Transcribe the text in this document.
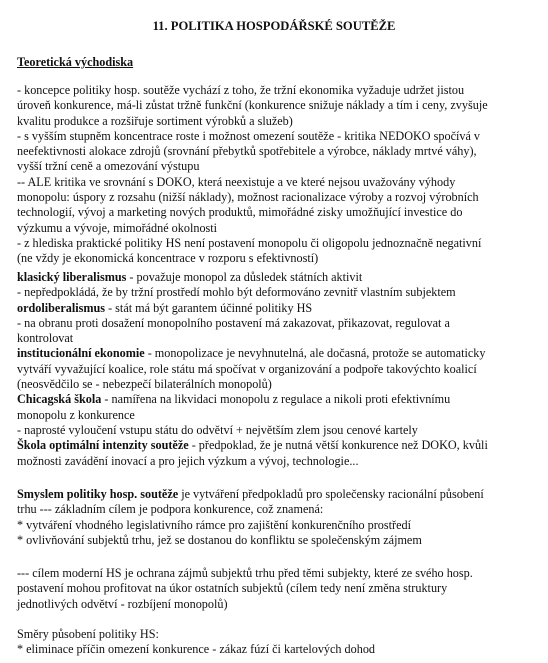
11. POLITIKA HOSPODÁŘSKÉ SOUTĚŽE
Teoretická východiska

- koncepce politiky hosp. soutěže vychází z toho, že tržní ekonomika vyžaduje udržet jistou

úroveň konkurence, má-li zůstat tržně funkční (konkurence snižuje náklady a tím i ceny, zvyšuje

kvalitu produkce a rozšiřuje sortiment výrobků a služeb)

- s vyšším stupněm koncentrace roste i možnost omezení soutěže - kritika NEDOKO spočívá v

neefektivnosti alokace zdrojů (srovnání přebytků spotřebitele a výrobce, náklady mrtvé váhy),

vyšší tržní ceně a omezování výstupu

-- ALE kritika ve srovnání s DOKO, která neexistuje a ve které nejsou uvažovány výhody

monopolu: úspory z rozsahu (nižší náklady), možnost racionalizace výroby a rozvoj výrobních

technologií, vývoj a marketing nových produktů, mimořádné zisky umožňující investice do

výzkumu a vývoje, mimořádné okolnosti

- z hlediska praktické politiky HS není postavení monopolu či oligopolu jednoznačně negativní

(ne vždy je ekonomická koncentrace v rozporu s efektivností)

klasický liberalismus - považuje monopol za důsledek státních aktivit

- nepředpokládá, že by tržní prostředí mohlo být deformováno zevnitř vlastním subjektem

ordoliberalismus - stát má být garantem účinné politiky HS

- na obranu proti dosažení monopolního postavení má zakazovat, přikazovat, regulovat a

kontrolovat

institucionální ekonomie - monopolizace je nevyhnutelná, ale dočasná, protože se automaticky

vytváří vyvažující koalice, role státu má spočívat v organizování a podpoře takovýchto koalicí

(neosvědčilo se - nebezpečí bilaterálních monopolů)

Chicagská škola - namířena na likvidaci monopolu z regulace a nikoli proti efektivnímu

monopolu z konkurence

- naprosté vyloučení vstupu státu do odvětví + největším zlem jsou cenové kartely

Škola optimální intenzity soutěže - předpoklad, že je nutná větší konkurence než DOKO, kvůli

možnosti zavádění inovací a pro jejich výzkum a vývoj, technologie...

Smyslem politiky hosp. soutěže je vytváření předpokladů pro společensky racionální působení

trhu --- základním cílem je podpora konkurence, což znamená:

* vytváření vhodného legislativního rámce pro zajištění konkurenčního prostředí

* ovlivňování subjektů trhu, jež se dostanou do konfliktu se společenským zájmem

--- cílem moderní HS je ochrana zájmů subjektů trhu před těmi subjekty, které ze svého hosp.

postavení mohou profitovat na úkor ostatních subjektů (cílem tedy není změna struktury

jednotlivých odvětví - rozbíjení monopolů)

Směry působení politiky HS:

* eliminace příčin omezení konkurence - zákaz fúzí či kartelových dohod
